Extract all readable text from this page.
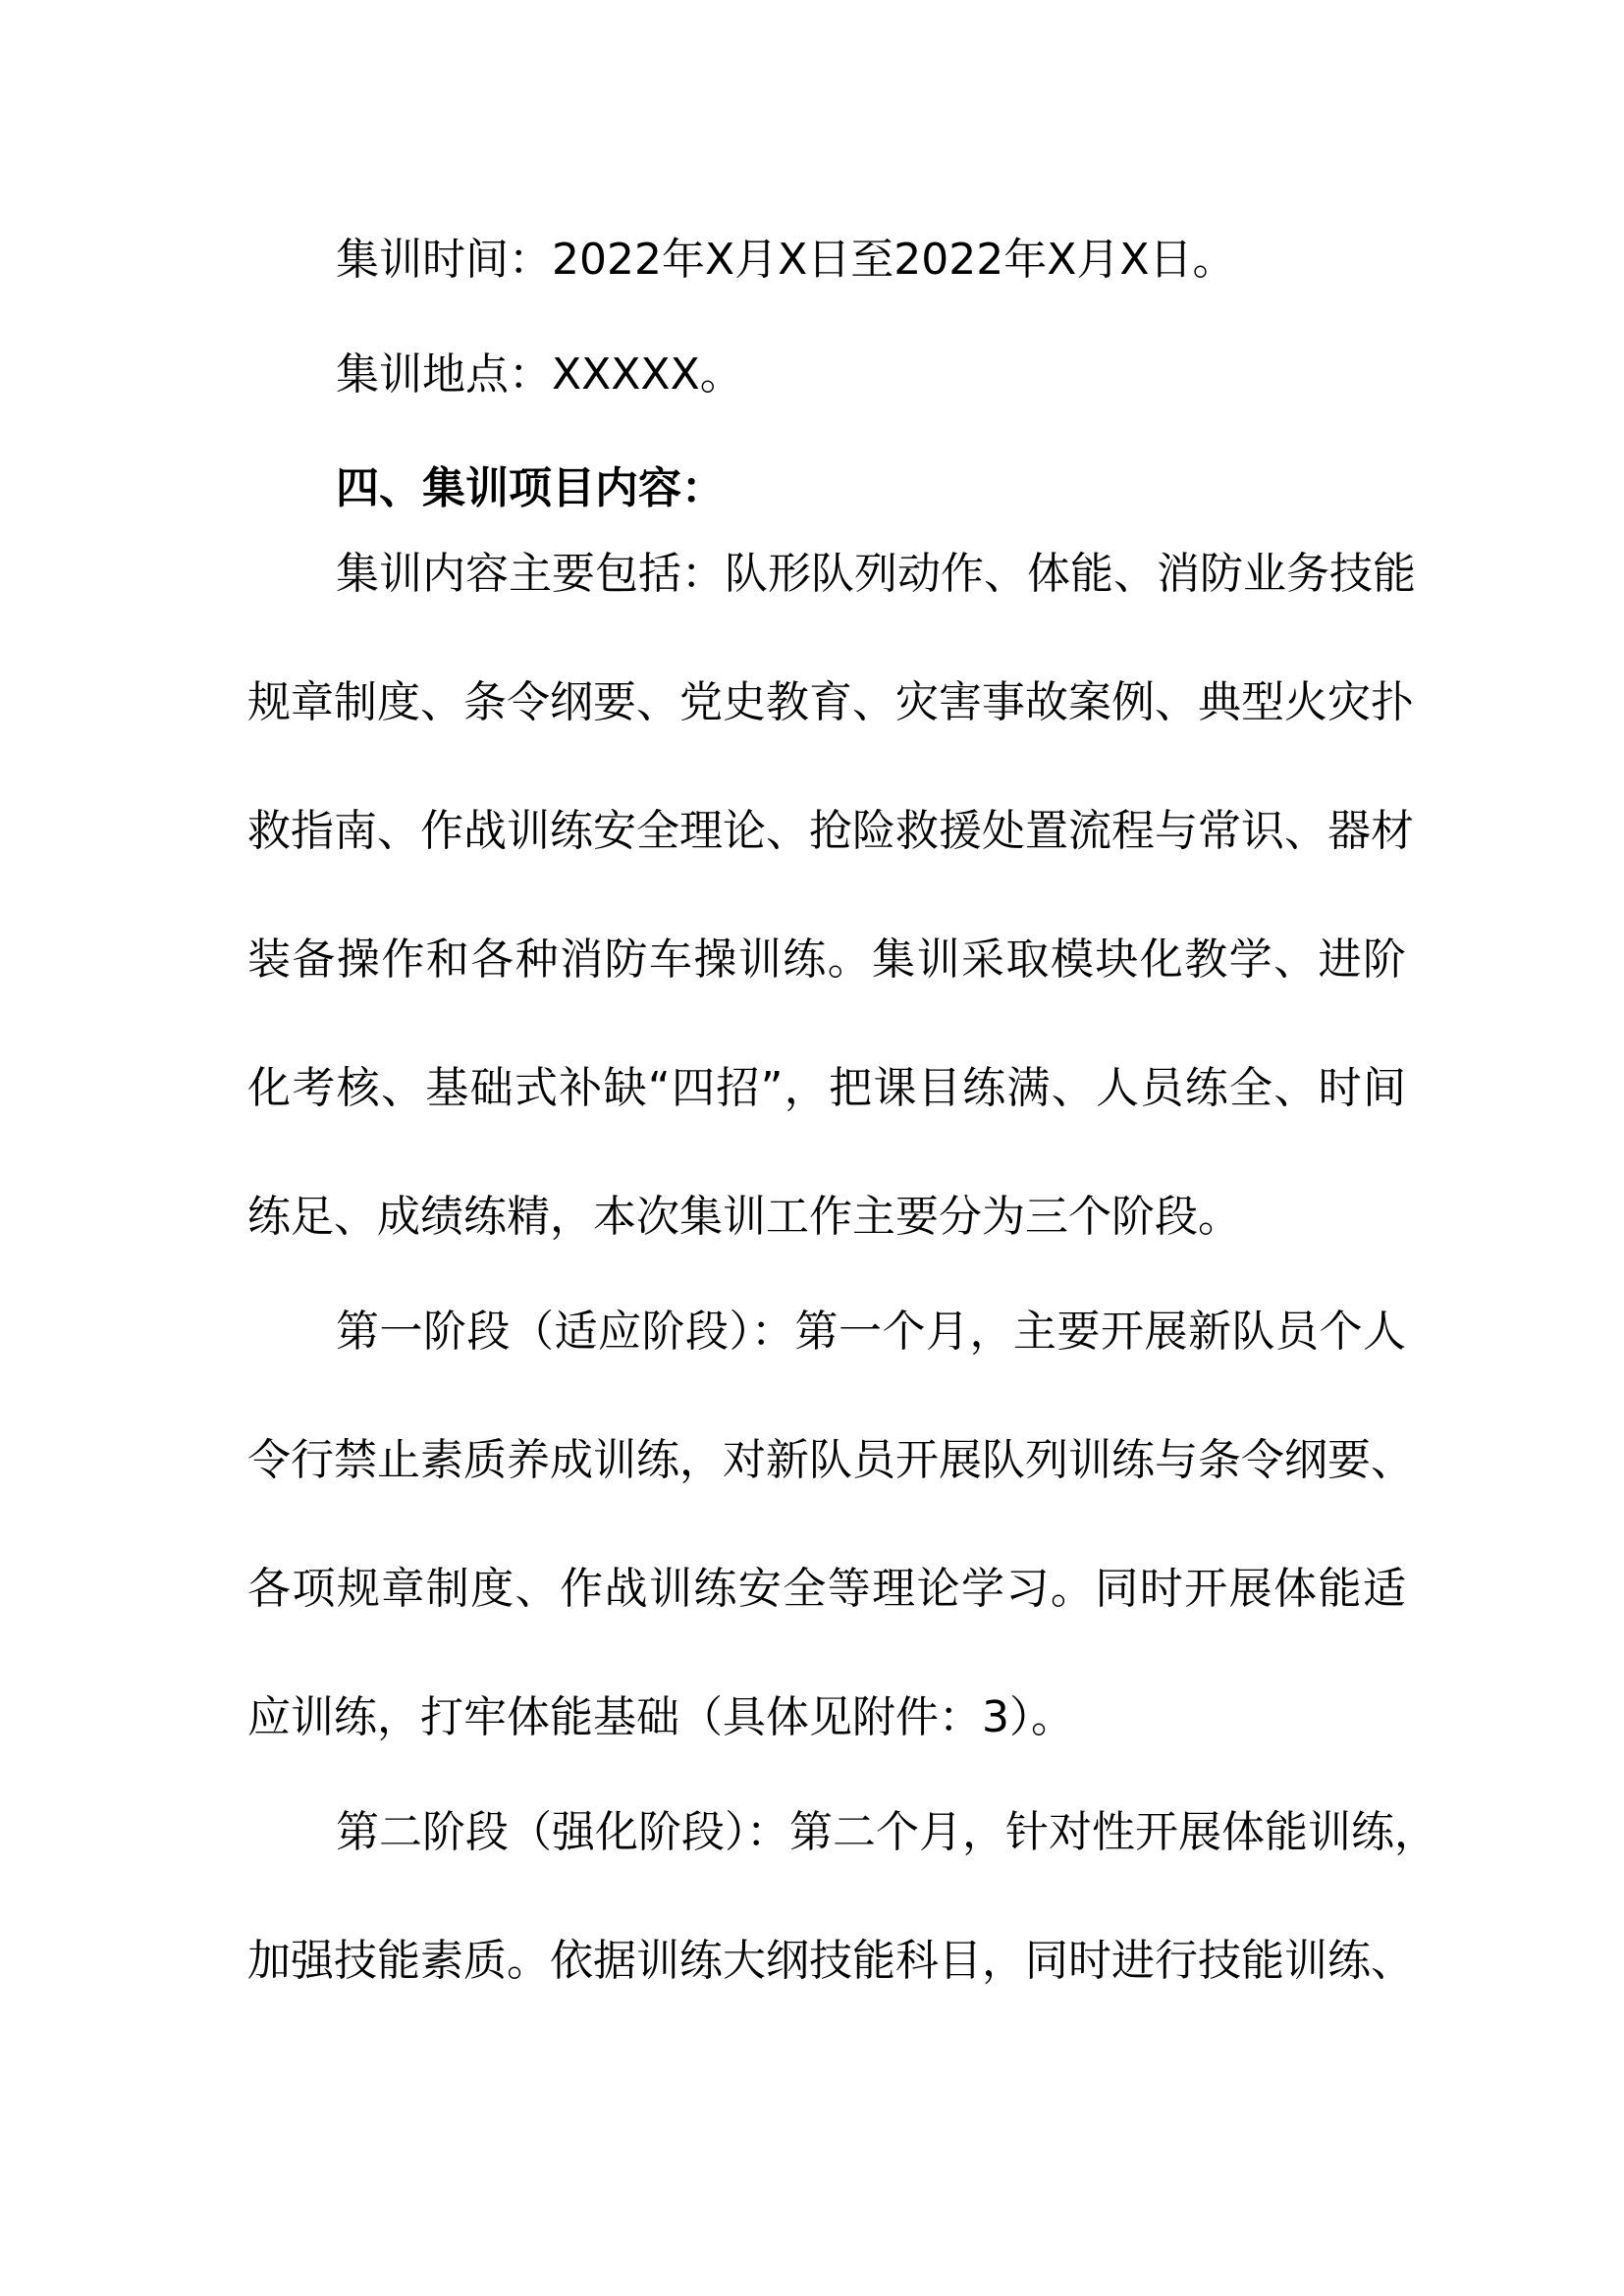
集训时间：2022年X月X日至2022年X月X日。

集训地点：XXXXX。

四、集训项目内容：

集训内容主要包括：队形队列动作、体能、消防业务技能

规章制度、条令纲要、党史教育、灾害事故案例、典型火灾扑

救指南、作战训练安全理论、抢险救援处置流程与常识、器材

装备操作和各种消防车操训练。集训采取模块化教学、进阶

化考核、基础式补缺“四招”，把课目练满、人员练全、时间

练足、成绩练精，本次集训工作主要分为三个阶段。

第一阶段（适应阶段）：第一个月，主要开展新队员个人

令行禁止素质养成训练，对新队员开展队列训练与条令纲要、

各项规章制度、作战训练安全等理论学习。同时开展体能适

应训练，打牢体能基础（具体见附件：3）。

第二阶段（强化阶段）：第二个月，针对性开展体能训练，

加强技能素质。依据训练大纲技能科目，同时进行技能训练、
